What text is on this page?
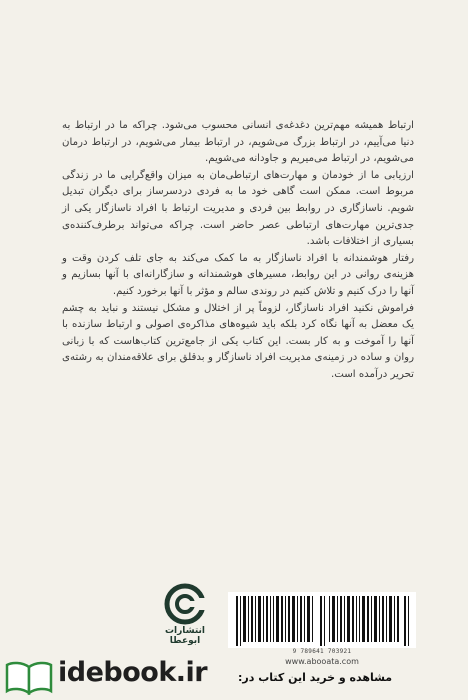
ارتباط همیشه مهم‌ترین دغدغه‌ی انسانی محسوب می‌شود. چراکه ما در ارتباط به دنیا می‌آییم، در ارتباط بزرگ می‌شویم، در ارتباط بیمار می‌شویم، در ارتباط درمان می‌شویم، در ارتباط می‌میریم و جاودانه می‌شویم.

ارزیابی ما از خودمان و مهارت‌های ارتباطی‌مان به میزان واقع‌گرایی ما در زندگی مربوط است. ممکن است گاهی خود ما به فردی دردسرساز برای دیگران تبدیل شویم. ناسازگاری در روابط بین فردی و مدیریت ارتباط با افراد ناسازگار یکی از جدی‌ترین مهارت‌های ارتباطی عصر حاضر است. چراکه می‌تواند برطرف‌کننده‌ی بسیاری از اختلافات باشد.

رفتار هوشمندانه با افراد ناسازگار به ما کمک می‌کند به جای تلف کردن وقت و هزینه‌ی روانی در این روابط، مسیرهای هوشمندانه و سازگارانه‌ای با آنها بسازیم و آنها را درک کنیم و تلاش کنیم در روندی سالم و مؤثر با آنها برخورد کنیم.

فراموش نکنید افراد ناسازگار، لزوماً پر از اختلال و مشکل نیستند و نباید به چشم یک معضل به آنها نگاه کرد بلکه باید شیوه‌های مذاکره‌ی اصولی و ارتباط سازنده با آنها را آموخت و به کار بست. این کتاب یکی از جامع‌ترین کتاب‌هاست که با زبانی روان و ساده در زمینه‌ی مدیریت افراد ناسازگار و بدقلق برای علاقه‌مندان به رشته‌ی تحریر درآمده است.

انتشارات
ابوعطا
9 789641 703921
www.abooata.com
idebook.ir	مشاهده و خرید این کتاب در:
